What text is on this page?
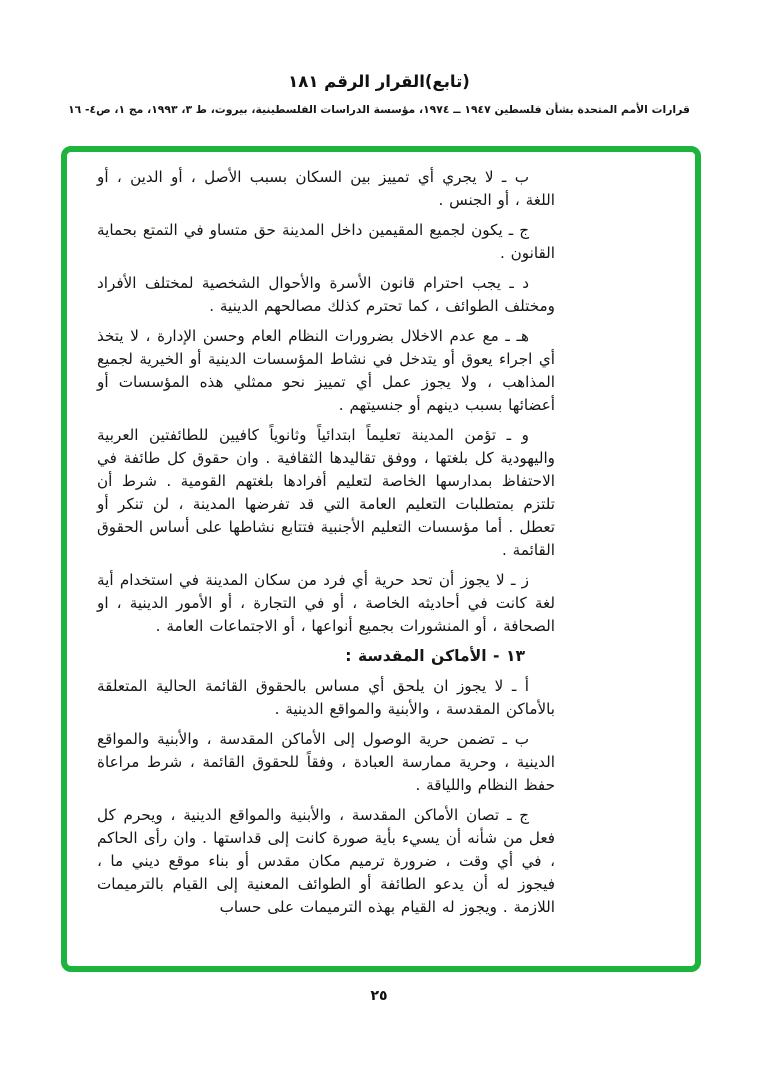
(تابع)القرار الرقم ١٨١
قرارات الأمم المتحدة بشأن فلسطين ١٩٤٧ ــ ١٩٧٤، مؤسسة الدراسات الفلسطينية، بيروت، ط ٣، ١٩٩٣، مج ١، ص٤- ١٦

ب ـ لا يجري أي تمييز بين السكان بسبب الأصل ، أو الدين ، أو اللغة ، أو الجنس .

ج ـ يكون لجميع المقيمين داخل المدينة حق متساو في التمتع بحماية القانون .

د ـ يجب احترام قانون الأسرة والأحوال الشخصية لمختلف الأفراد ومختلف الطوائف ، كما تحترم كذلك مصالحهم الدينية .

هـ ـ مع عدم الاخلال بضرورات النظام العام وحسن الإدارة ، لا يتخذ أي اجراء يعوق أو يتدخل في نشاط المؤسسات الدينية أو الخيرية لجميع المذاهب ، ولا يجوز عمل أي تمييز نحو ممثلي هذه المؤسسات أو أعضائها بسبب دينهم أو جنسيتهم .

و ـ تؤمن المدينة تعليماً ابتدائياً وثانوياً كافيين للطائفتين العربية واليهودية كل بلغتها ، ووفق تقاليدها الثقافية . وان حقوق كل طائفة في الاحتفاظ بمدارسها الخاصة لتعليم أفرادها بلغتهم القومية . شرط أن تلتزم بمتطلبات التعليم العامة التي قد تفرضها المدينة ، لن تنكر أو تعطل . أما مؤسسات التعليم الأجنبية فتتابع نشاطها على أساس الحقوق القائمة .

ز ـ لا يجوز أن تحد حرية أي فرد من سكان المدينة في استخدام أية لغة كانت في أحاديثه الخاصة ، أو في التجارة ، أو الأمور الدينية ، او الصحافة ، أو المنشورات بجميع أنواعها ، أو الاجتماعات العامة .

١٣ - الأماكن المقدسة :

أ ـ لا يجوز ان يلحق أي مساس بالحقوق القائمة الحالية المتعلقة بالأماكن المقدسة ، والأبنية والمواقع الدينية .

ب ـ تضمن حرية الوصول إلى الأماكن المقدسة ، والأبنية والمواقع الدينية ، وحرية ممارسة العبادة ، وفقاً للحقوق القائمة ، شرط مراعاة حفظ النظام واللياقة .

ج ـ تصان الأماكن المقدسة ، والأبنية والمواقع الدينية ، ويحرم كل فعل من شأنه أن يسيء بأية صورة كانت إلى قداستها . وان رأى الحاكم ، في أي وقت ، ضرورة ترميم مكان مقدس أو بناء موقع ديني ما ، فيجوز له أن يدعو الطائفة أو الطوائف المعنية إلى القيام بالترميمات اللازمة . ويجوز له القيام بهذه الترميمات على حساب

٢٥
